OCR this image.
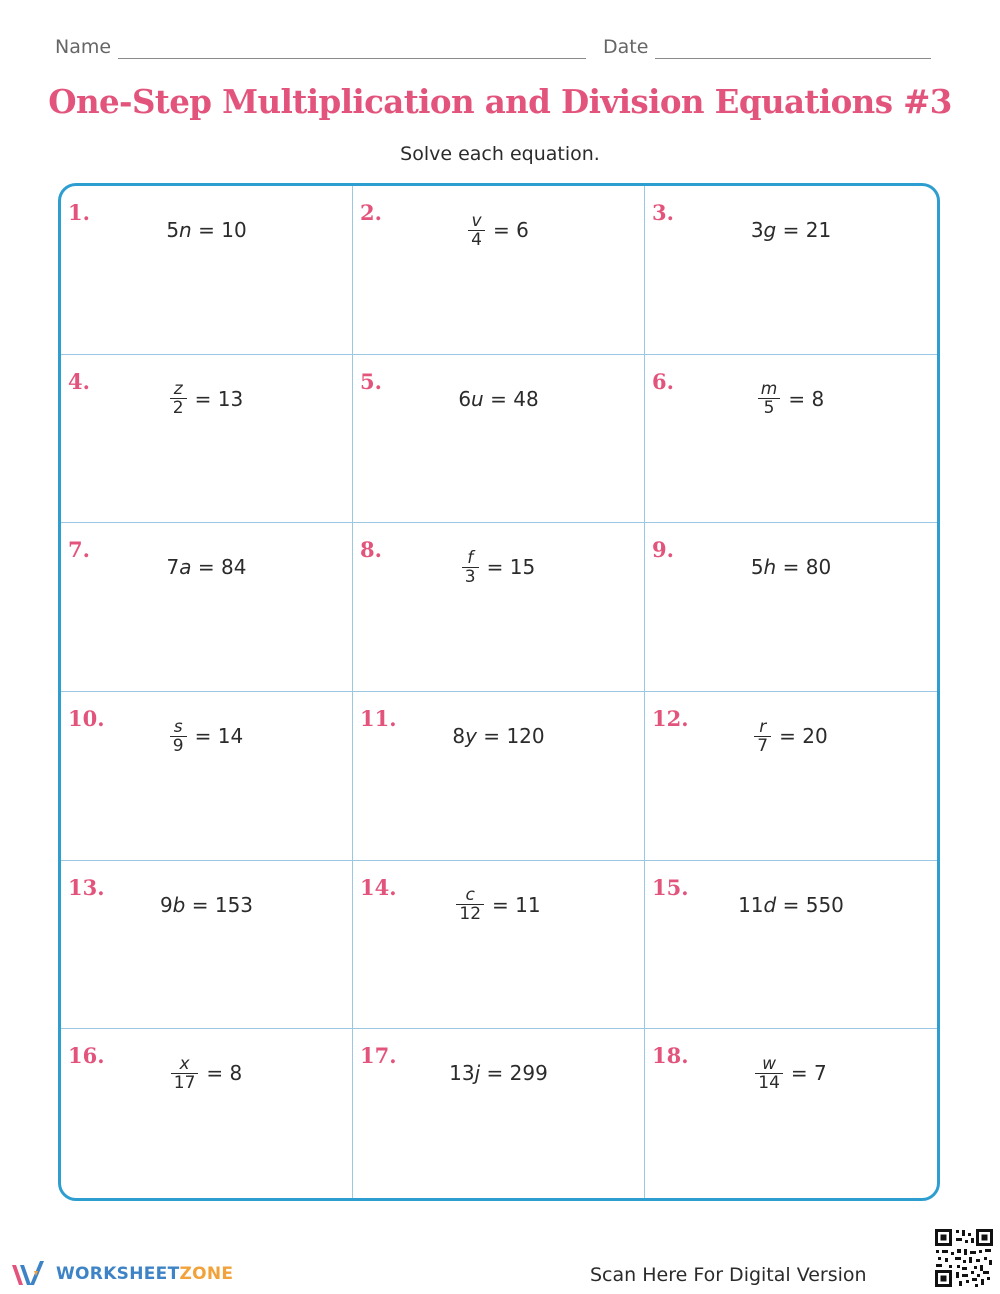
Name	Date
One-Step Multiplication and Division Equations #3
Solve each equation.
1.
5 n = 10
2.	$\frac{v}{4} = 6$
3.
3 g = 21
4.	$\frac{z}{2} = 13$
5.
6 u = 48
6.	$\frac{m}{5} = 8$
7.
7 a = 84
8.	$\frac{f}{3} = 15$
9.
5 h = 80
10.	$\frac{s}{9} = 14$
11.
8 y = 120
12.	$\frac{r}{7} = 20$
13.
9 b = 153
14.	$\frac{c}{12} = 11$
15.
11 d = 550
16.	$\frac{x}{17} = 8$
17.
13 j = 299
18.	$\frac{w}{14} = 7$
WORKSHEETZONE	Scan Here For Digital Version
